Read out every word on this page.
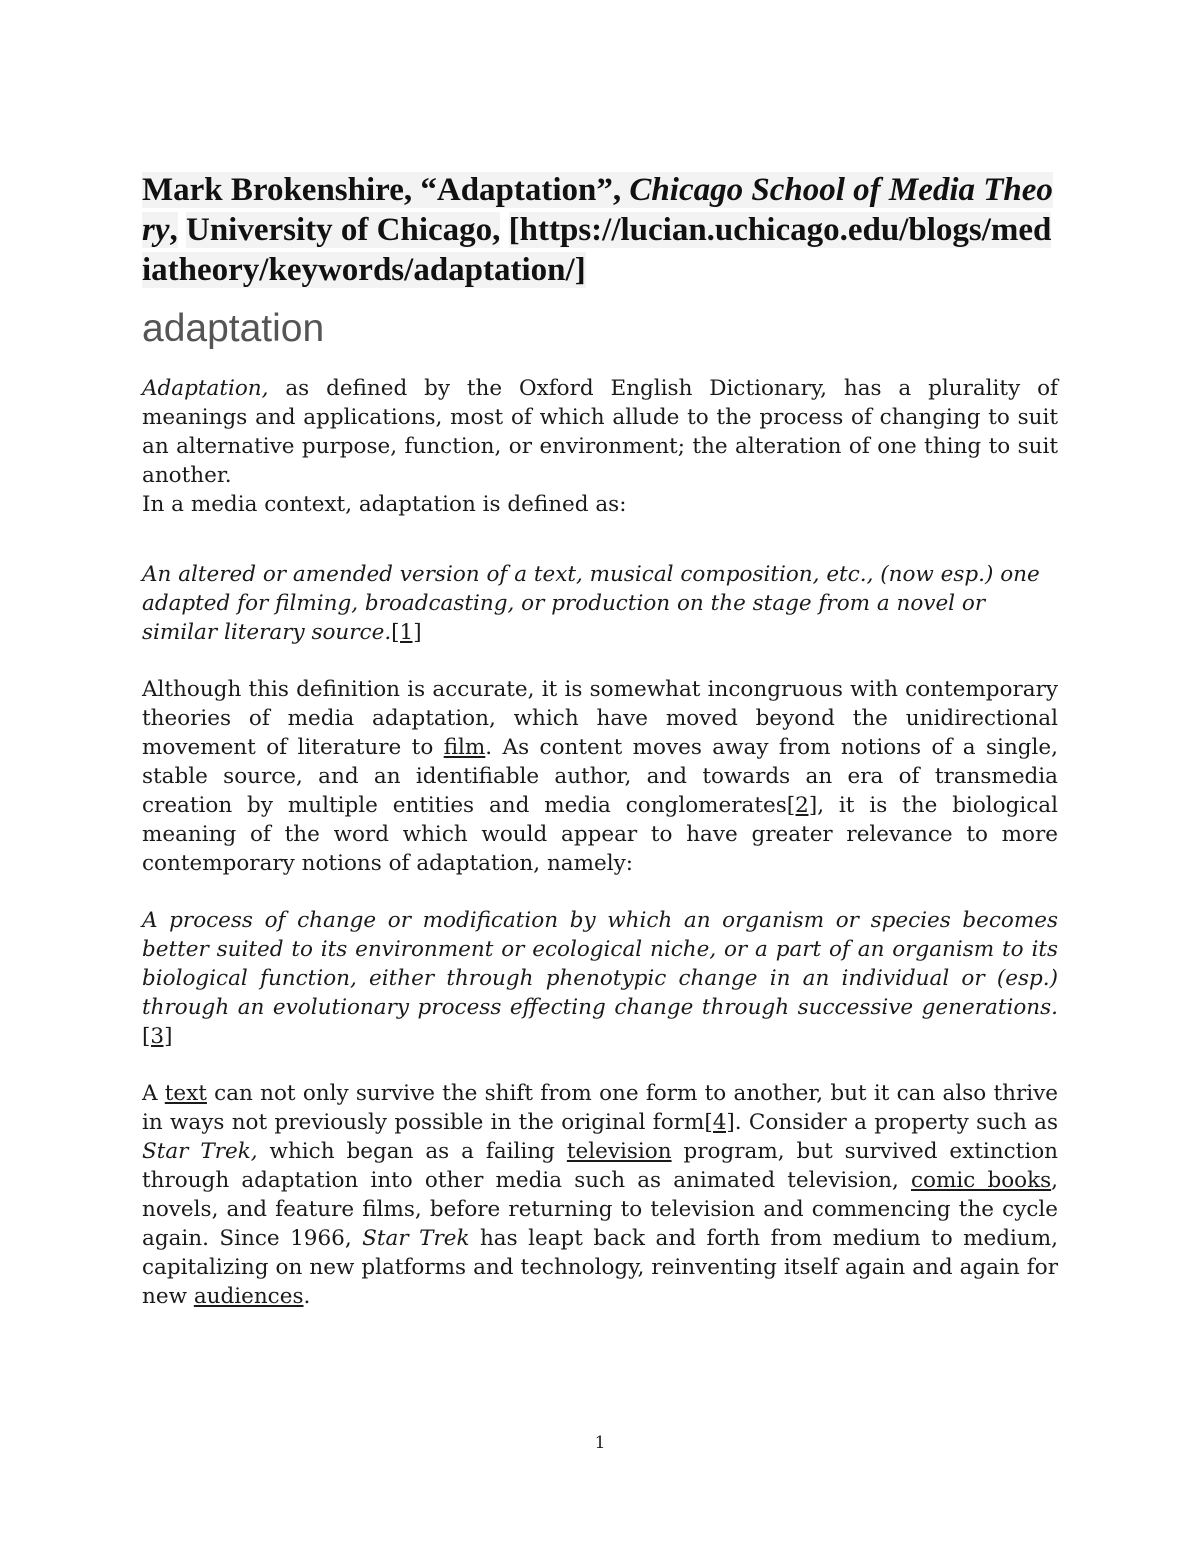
Mark Brokenshire, “Adaptation”, Chicago School of Media Theory, University of Chicago, [https://lucian.uchicago.edu/blogs/mediatheory/keywords/adaptation/]

adaptation

Adaptation, as defined by the Oxford English Dictionary, has a plurality of meanings and applications, most of which allude to the process of changing to suit an alternative purpose, function, or environment; the alteration of one thing to suit another.

In a media context, adaptation is defined as:

An altered or amended version of a text, musical composition, etc., (now esp.) one adapted for filming, broadcasting, or production on the stage from a novel or similar literary source.[1]

Although this definition is accurate, it is somewhat incongruous with contemporary theories of media adaptation, which have moved beyond the unidirectional movement of literature to film. As content moves away from notions of a single, stable source, and an identifiable author, and towards an era of transmedia creation by multiple entities and media conglomerates[2], it is the biological meaning of the word which would appear to have greater relevance to more contemporary notions of adaptation, namely:

A process of change or modification by which an organism or species becomes better suited to its environment or ecological niche, or a part of an organism to its biological function, either through phenotypic change in an individual or (esp.) through an evolutionary process effecting change through successive generations.[3]

A text can not only survive the shift from one form to another, but it can also thrive in ways not previously possible in the original form[4]. Consider a property such as Star Trek, which began as a failing television program, but survived extinction through adaptation into other media such as animated television, comic books, novels, and feature films, before returning to television and commencing the cycle again. Since 1966, Star Trek has leapt back and forth from medium to medium, capitalizing on new platforms and technology, reinventing itself again and again for new audiences.

1
